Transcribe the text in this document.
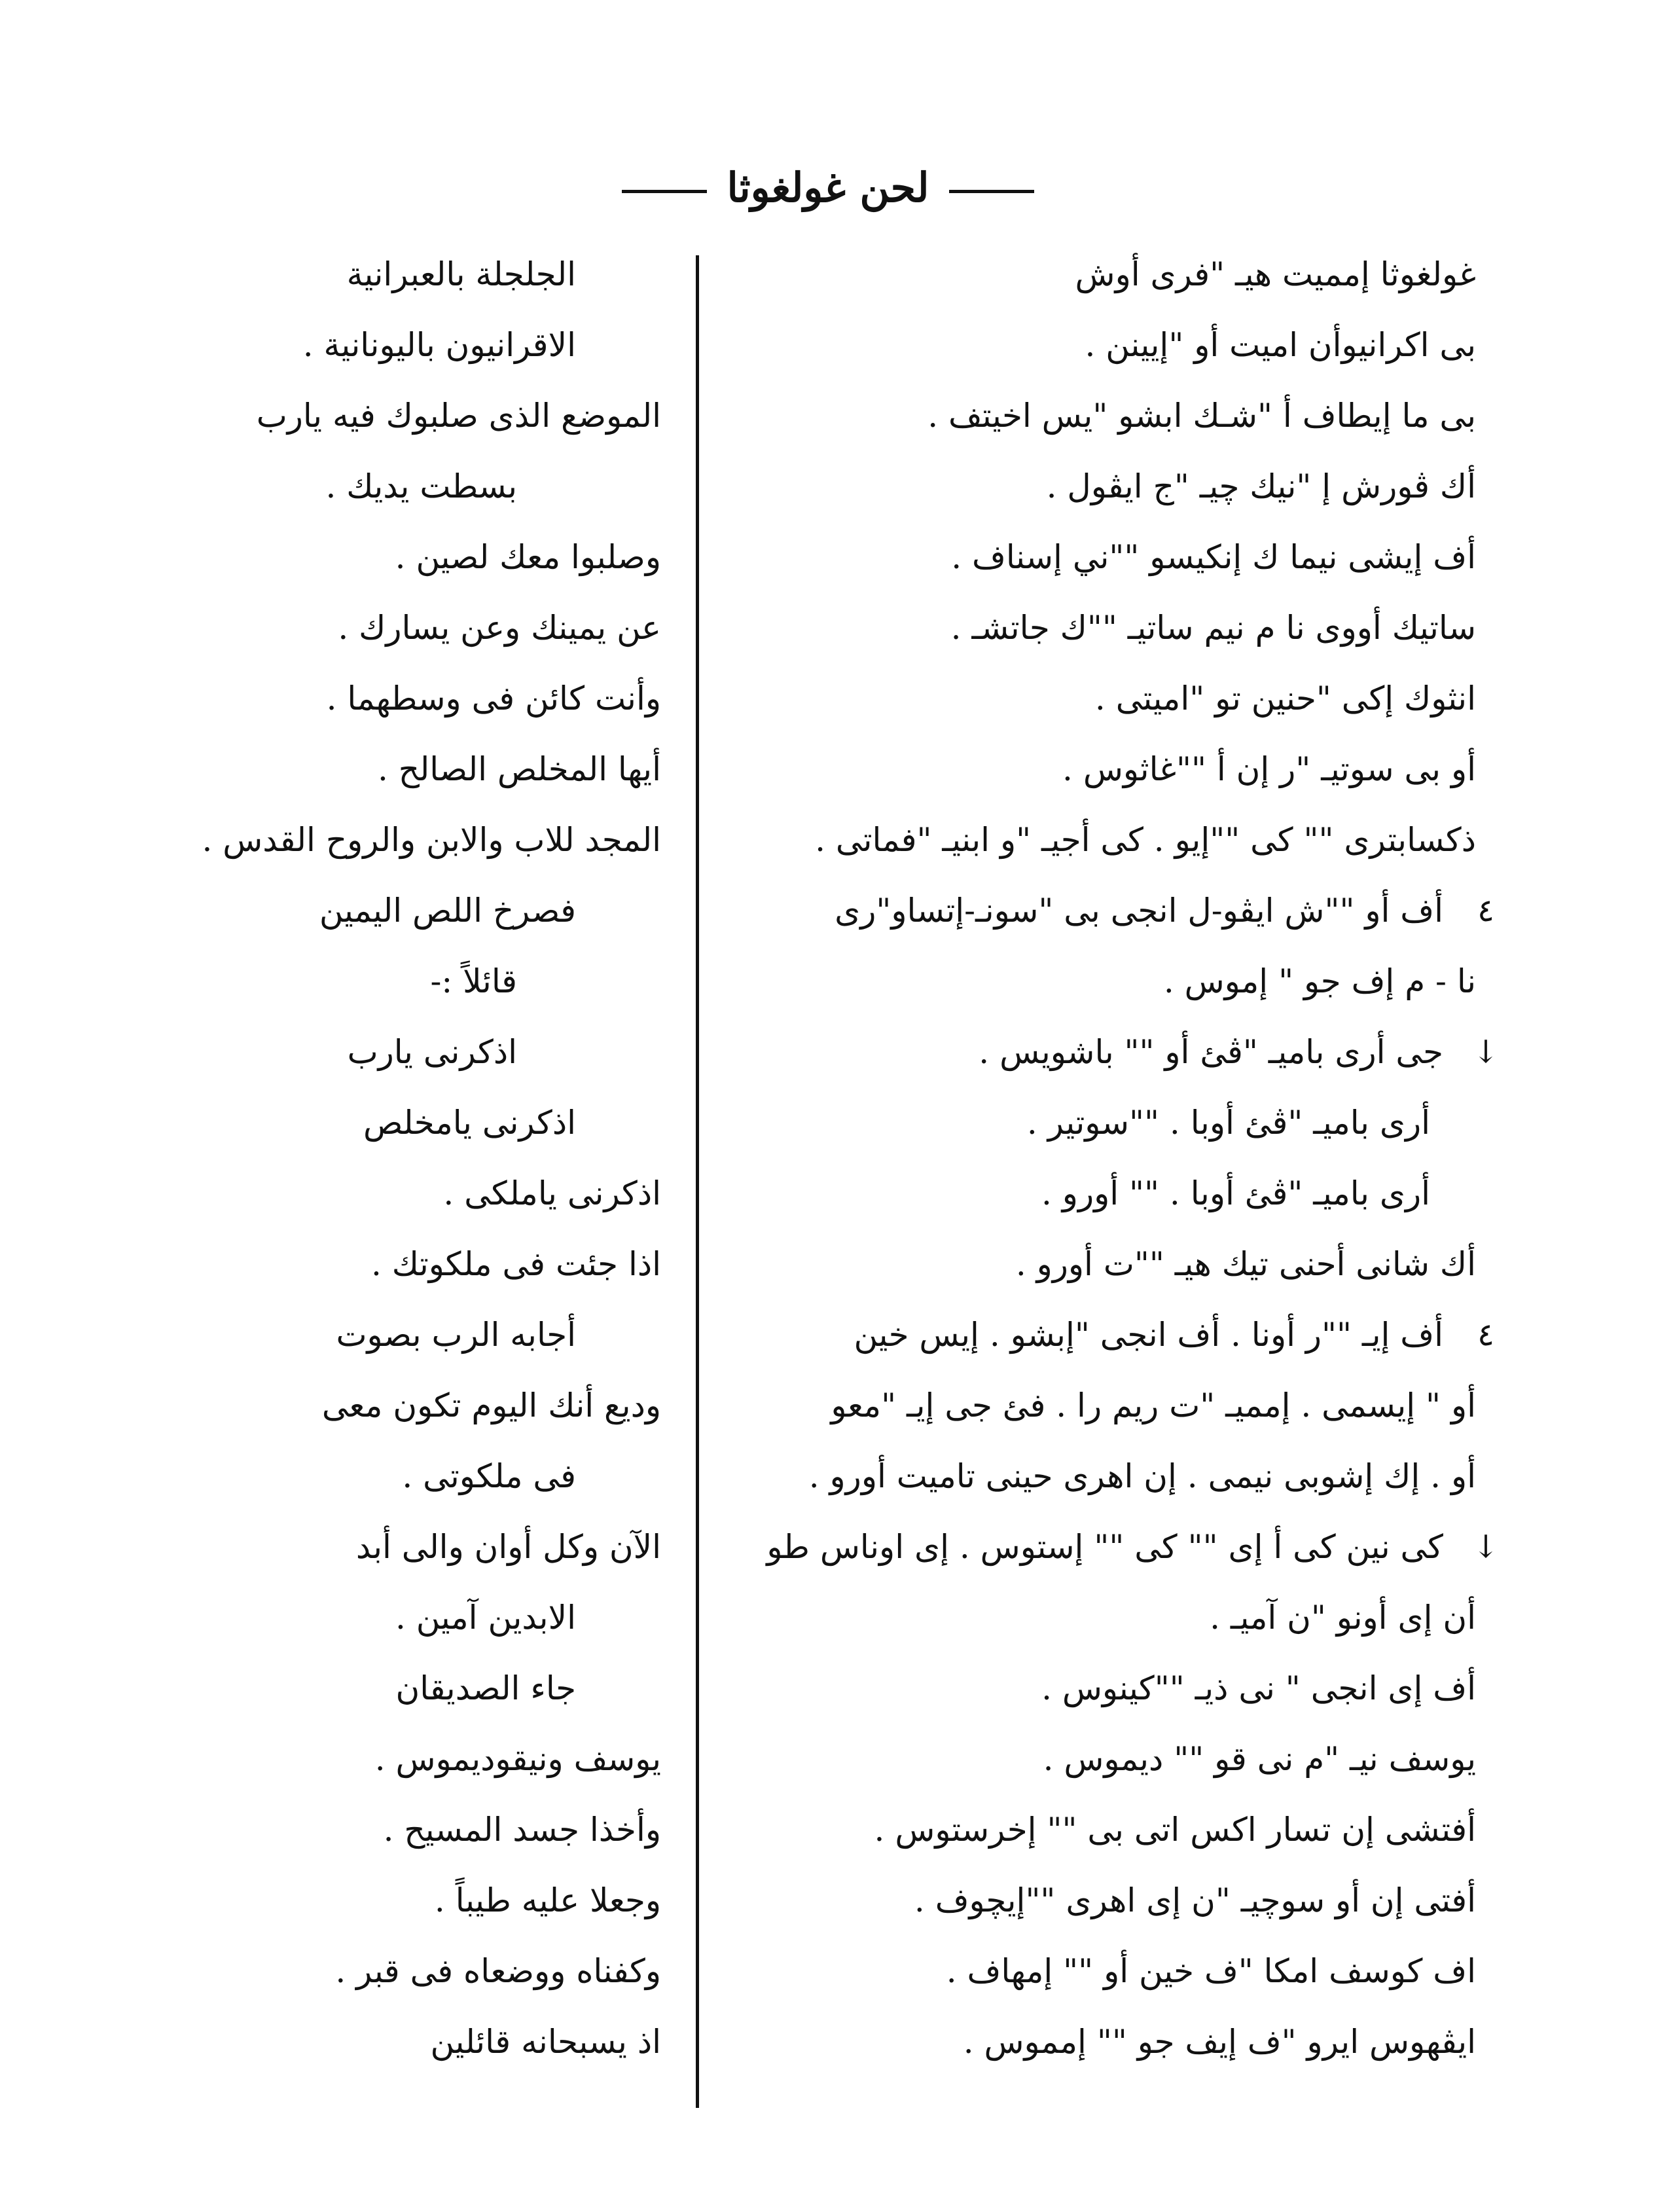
لحن غولغوثا
غولغوثا إمميت هيـ "فرى أوش
بى اكرانيوأن اميت أو "إيينن .
بى ما إيطاف أ "شـك ابشو "يس اخيتف .
أك ڤورش إ "نيك چيـ "ج ايڤول .
أف إيشى نيما ك إنكيسو ""ني إسناف .
ساتيك أووى نا م نيم ساتيـ ""ك جاتشـ .
انثوك إكى "حنين تو "اميتى .
أو بى سوتيـ "ر إن أ ""غاثوس .
ذكسابترى "" كى ""إيو . كى أجيـ "و ابنيـ "فماتى .
٤
أف أو ""ش ايڤو-ل انجى بى "سونـ-إتساو"رى
نا - م إف جو " إموس .
↓
جى أرى باميـ "ڤئ أو "" باشويس .
أرى باميـ "ڤئ أوبا . ""سوتير .
أرى باميـ "ڤئ أوبا . "" أورو .
أك شانى أحنى تيك هيـ ""ت أورو .
٤
أف إيـ ""ر أونا . أف انجى "إبشو . إيس خين
أو " إيسمى . إمميـ "ت ريم را . فئ جى إيـ "معو
أو . إك إشوبى نيمى . إن اهرى حينى تاميت أورو .
↓
كى نين كى أ إى "" كى "" إستوس . إى اوناس طو
أن إى أونو "ن آميـ .
أف إى انجى " نى ذيـ ""كينوس .
يوسف نيـ "م نى قو "" ديموس .
أفتشى إن تسار اكس اتى بى "" إخرستوس .
أفتى إن أو سوچيـ "ن إى اهرى ""إيچوف .
اف كوسف امكا "ف خين أو "" إمهاف .
ايڤهوس ايرو "ف إيف جو "" إمموس .
الجلجلة بالعبرانية
الاقرانيون باليونانية .
الموضع الذى صلبوك فيه يارب
بسطت يديك .
وصلبوا معك لصين .
عن يمينك وعن يسارك .
وأنت كائن فى وسطهما .
أيها المخلص الصالح .
المجد للاب والابن والروح القدس .
فصرخ اللص اليمين
قائلاً :-
اذكرنى يارب
اذكرنى يامخلص
اذكرنى ياملكى .
اذا جئت فى ملكوتك .
أجابه الرب بصوت
وديع أنك اليوم تكون معى
فى ملكوتى .
الآن وكل أوان والى أبد
الابدين آمين .
جاء الصديقان
يوسف ونيقوديموس .
وأخذا جسد المسيح .
وجعلا عليه طيباً .
وكفناه ووضعاه فى قبر .
اذ يسبحانه قائلين
